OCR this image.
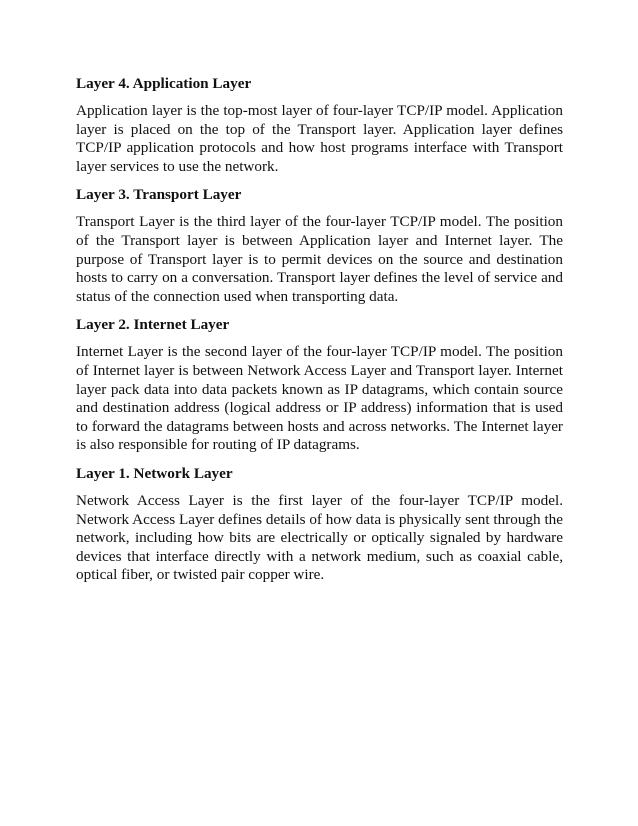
Layer 4. Application Layer

Application layer is the top-most layer of four-layer TCP/IP model. Application layer is placed on the top of the Transport layer. Application layer defines TCP/IP application protocols and how host programs interface with Transport layer services to use the network.

Layer 3. Transport Layer

Transport Layer is the third layer of the four-layer TCP/IP model. The position of the Transport layer is between Application layer and Internet layer. The purpose of Transport layer is to permit devices on the source and destination hosts to carry on a conversation. Transport layer defines the level of service and status of the connection used when transporting data.

Layer 2. Internet Layer

Internet Layer is the second layer of the four-layer TCP/IP model. The position of Internet layer is between Network Access Layer and Transport layer. Internet layer pack data into data packets known as IP datagrams, which contain source and destination address (logical address or IP address) information that is used to forward the datagrams between hosts and across networks. The Internet layer is also responsible for routing of IP datagrams.

Layer 1. Network Layer

Network Access Layer is the first layer of the four-layer TCP/IP model. Network Access Layer defines details of how data is physically sent through the network, including how bits are electrically or optically signaled by hardware devices that interface directly with a network medium, such as coaxial cable, optical fiber, or twisted pair copper wire.
